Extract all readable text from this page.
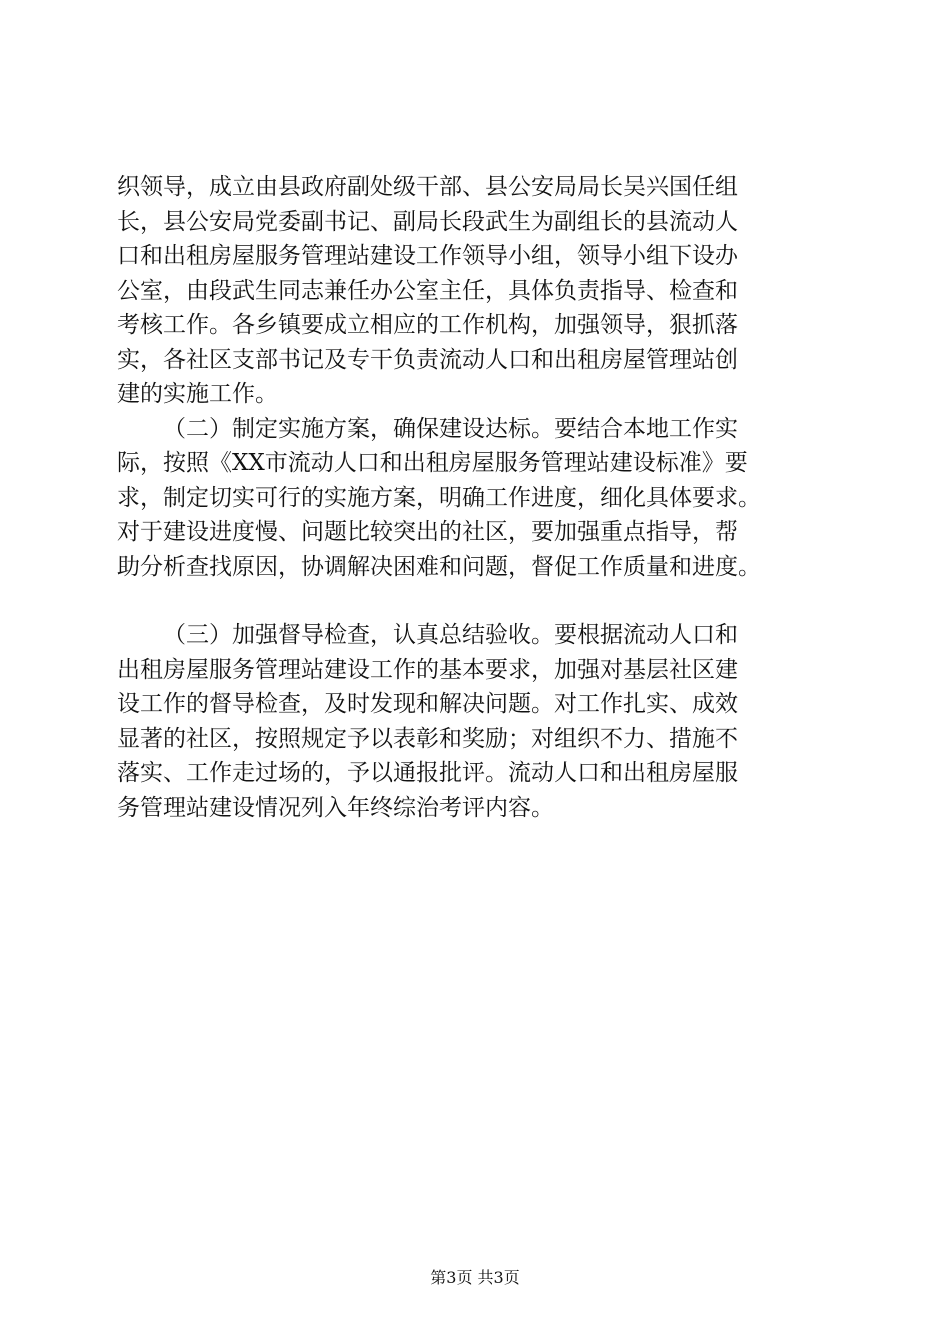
织领导，成立由县政府副处级干部、县公安局局长吴兴国任组
长，县公安局党委副书记、副局长段武生为副组长的县流动人
口和出租房屋服务管理站建设工作领导小组，领导小组下设办
公室，由段武生同志兼任办公室主任，具体负责指导、检查和
考核工作。各乡镇要成立相应的工作机构，加强领导，狠抓落
实，各社区支部书记及专干负责流动人口和出租房屋管理站创
建的实施工作。
（二）制定实施方案，确保建设达标。要结合本地工作实
际，按照《XX市流动人口和出租房屋服务管理站建设标准》要
求，制定切实可行的实施方案，明确工作进度，细化具体要求。
对于建设进度慢、问题比较突出的社区，要加强重点指导，帮
助分析查找原因，协调解决困难和问题，督促工作质量和进度。
（三）加强督导检查，认真总结验收。要根据流动人口和
出租房屋服务管理站建设工作的基本要求，加强对基层社区建
设工作的督导检查，及时发现和解决问题。对工作扎实、成效
显著的社区，按照规定予以表彰和奖励；对组织不力、措施不
落实、工作走过场的，予以通报批评。流动人口和出租房屋服
务管理站建设情况列入年终综治考评内容。
第3页 共3页
